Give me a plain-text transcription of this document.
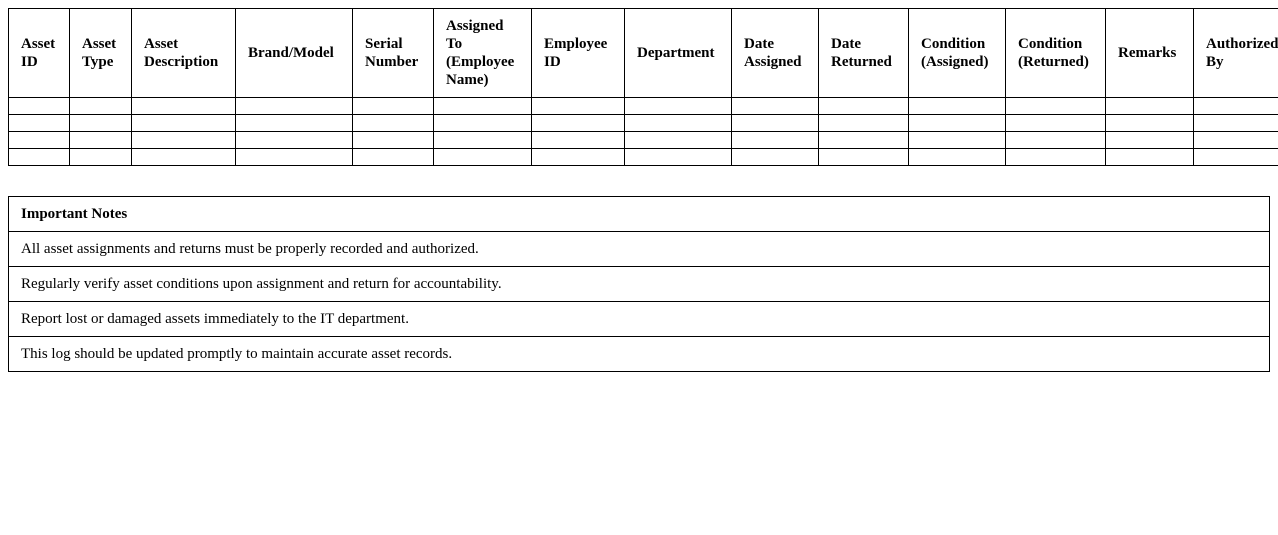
Asset ID	Asset Type	Asset Description	Brand/Model	Serial Number	Assigned To (Employee Name)	Employee ID	Department	Date Assigned	Date Returned	Condition (Assigned)	Condition (Returned)	Remarks	Authorized By

Important Notes
All asset assignments and returns must be properly recorded and authorized.
Regularly verify asset conditions upon assignment and return for accountability.
Report lost or damaged assets immediately to the IT department.
This log should be updated promptly to maintain accurate asset records.
